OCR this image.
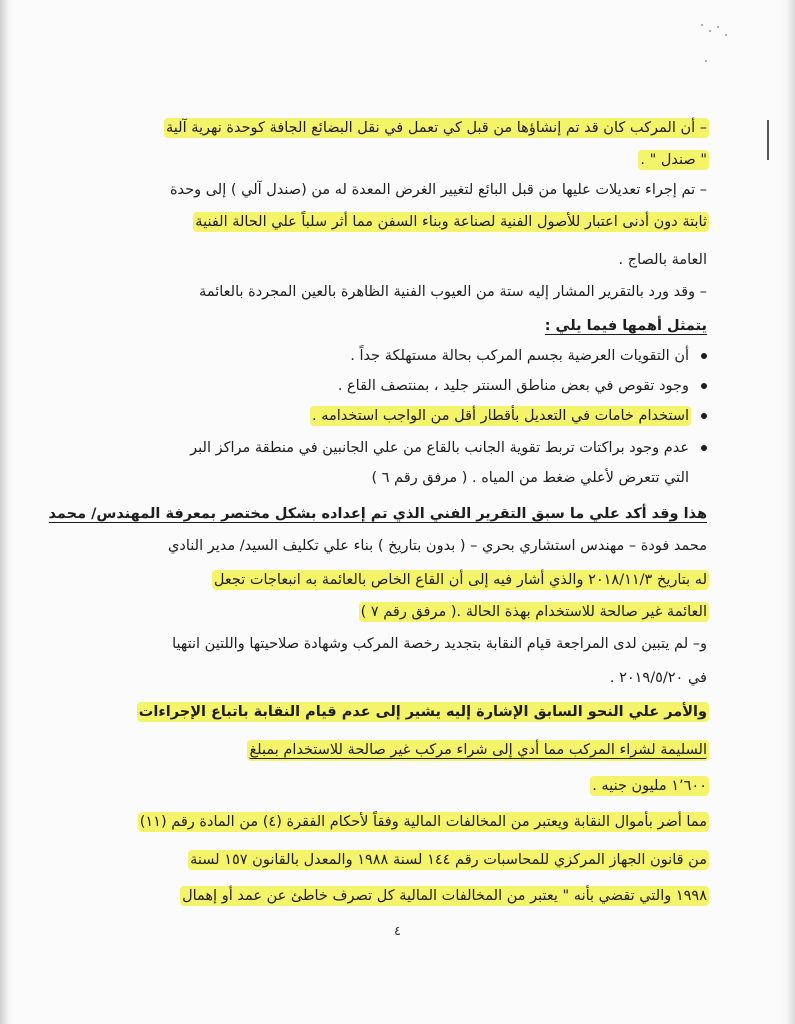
– أن المركب كان قد تم إنشاؤها من قبل كي تعمل في نقل البضائع الجافة كوحدة نهرية آلية
" صندل " .
– تم إجراء تعديلات عليها من قبل البائع لتغيير الغرض المعدة له من (صندل آلي ) إلى وحدة
ثابتة دون أدنى اعتبار للأصول الفنية لصناعة وبناء السفن مما أثر سلباً علي الحالة الفنية
العامة بالصاج .
– وقد ورد بالتقرير المشار إليه ستة من العيوب الفنية الظاهرة بالعين المجردة بالعائمة
يتمثل أهمها فيما يلي :
أن التقويات العرضية بجسم المركب بحالة مستهلكة جداً .
وجود تقوص في بعض مناطق السنتر جليد ، بمنتصف القاع .
استخدام خامات في التعديل بأقطار أقل من الواجب استخدامه .
عدم وجود براكتات تربط تقوية الجانب بالقاع من علي الجانبين في منطقة مراكز البر
التي تتعرض لأعلي ضغط من المياه . ( مرفق رقم ٦ )
هذا وقد أكد علي ما سبق التقرير الفني الذي تم إعداده بشكل مختصر بمعرفة المهندس/ محمد
محمد فودة – مهندس استشاري بحري – ( بدون بتاريخ ) بناء علي تكليف السيد/ مدير النادي
له بتاريخ ٢٠١٨/١١/٣ والذي أشار فيه إلى أن القاع الخاص بالعائمة به انبعاجات تجعل
العائمة غير صالحة للاستخدام بهذة الحالة .( مرفق رقم ٧ )
و– لم يتبين لدى المراجعة قيام النقابة بتجديد رخصة المركب وشهادة صلاحيتها واللتين انتهيا
في ٢٠١٩/٥/٢٠ .
والأمر علي النحو السابق الإشارة إليه يشير إلى عدم قيام النقابة باتباع الإجراءات
السليمة لشراء المركب مما أدي إلى شراء مركب غير صالحة للاستخدام بمبلغ
١٬٦٠٠ مليون جنيه .
مما أضر بأموال النقابة ويعتبر من المخالفات المالية وفقاً لأحكام الفقرة (٤) من المادة رقم (١١)
من قانون الجهاز المركزي للمحاسبات رقم ١٤٤ لسنة ١٩٨٨ والمعدل بالقانون ١٥٧ لسنة
١٩٩٨ والتي تقضي بأنه " يعتبر من المخالفات المالية كل تصرف خاطئ عن عمد أو إهمال
٤
